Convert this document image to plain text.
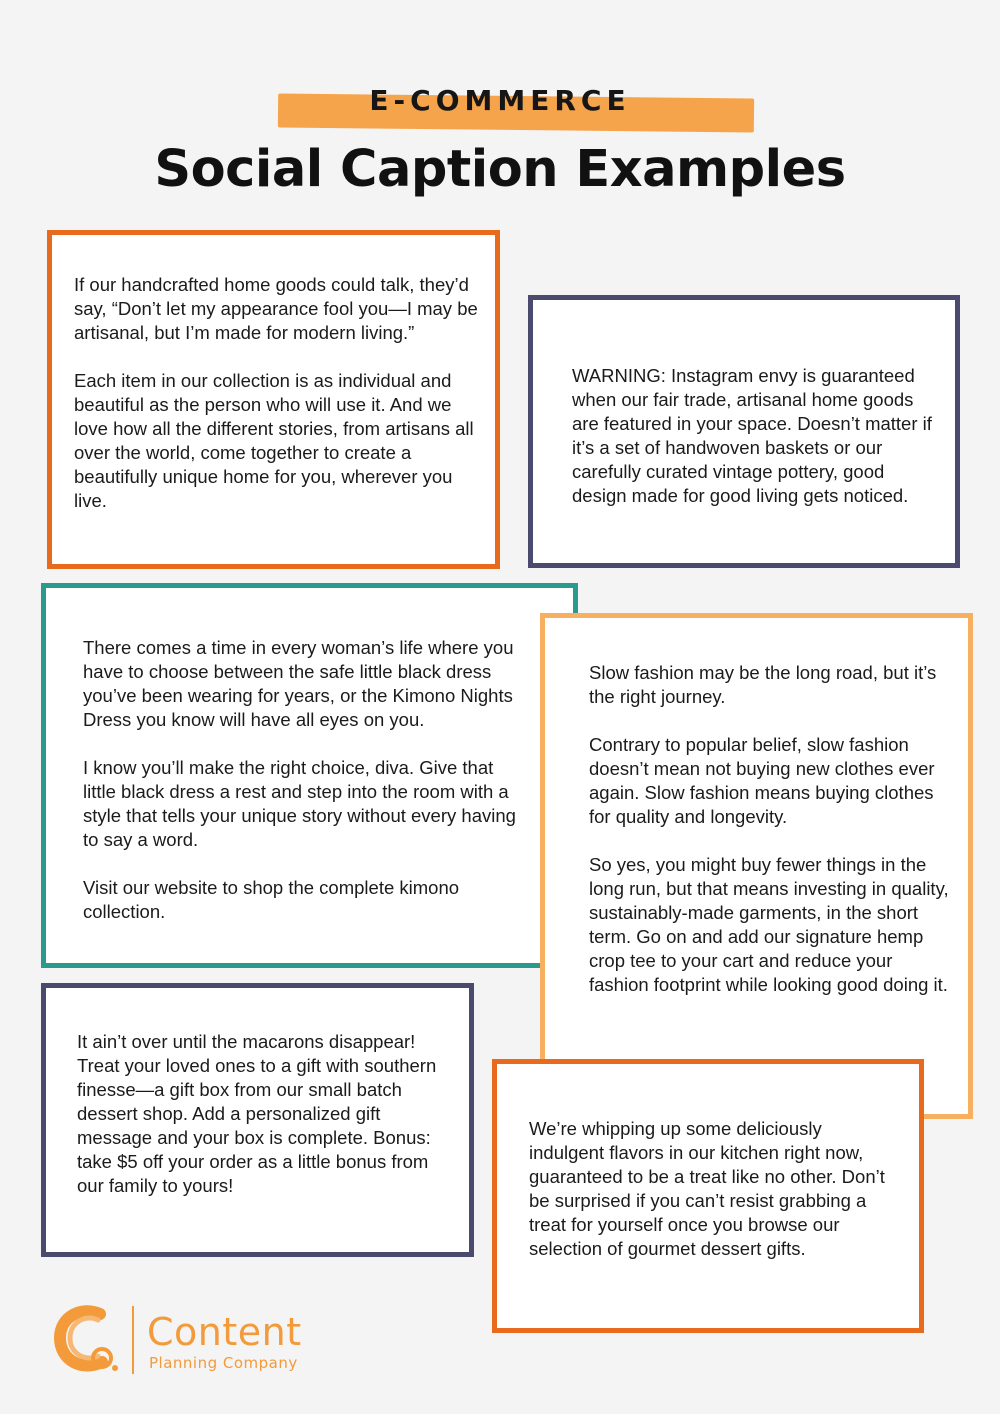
E-COMMERCE
Social Caption Examples

If our handcrafted home goods could talk, they’d say, “Don’t let my appearance fool you—I may be artisanal, but I’m made for modern living.”

Each item in our collection is as individual and beautiful as the person who will use it. And we love how all the different stories, from artisans all over the world, come together to create a beautifully unique home for you, wherever you live.

WARNING: Instagram envy is guaranteed when our fair trade, artisanal home goods are featured in your space. Doesn’t matter if it’s a set of handwoven baskets or our carefully curated vintage pottery, good design made for good living gets noticed.

There comes a time in every woman’s life where you have to choose between the safe little black dress you’ve been wearing for years, or the Kimono Nights Dress you know will have all eyes on you.

I know you’ll make the right choice, diva. Give that little black dress a rest and step into the room with a style that tells your unique story without every having to say a word.

Visit our website to shop the complete kimono collection.

Slow fashion may be the long road, but it’s the right journey.

Contrary to popular belief, slow fashion doesn’t mean not buying new clothes ever again. Slow fashion means buying clothes for quality and longevity.

So yes, you might buy fewer things in the long run, but that means investing in quality, sustainably-made garments, in the short term. Go on and add our signature hemp crop tee to your cart and reduce your fashion footprint while looking good doing it.

It ain’t over until the macarons disappear! Treat your loved ones to a gift with southern finesse—a gift box from our small batch dessert shop. Add a personalized gift message and your box is complete. Bonus: take $5 off your order as a little bonus from our family to yours!

We’re whipping up some deliciously indulgent flavors in our kitchen right now, guaranteed to be a treat like no other. Don’t be surprised if you can’t resist grabbing a treat for yourself once you browse our selection of gourmet dessert gifts.

Content
Planning Company
